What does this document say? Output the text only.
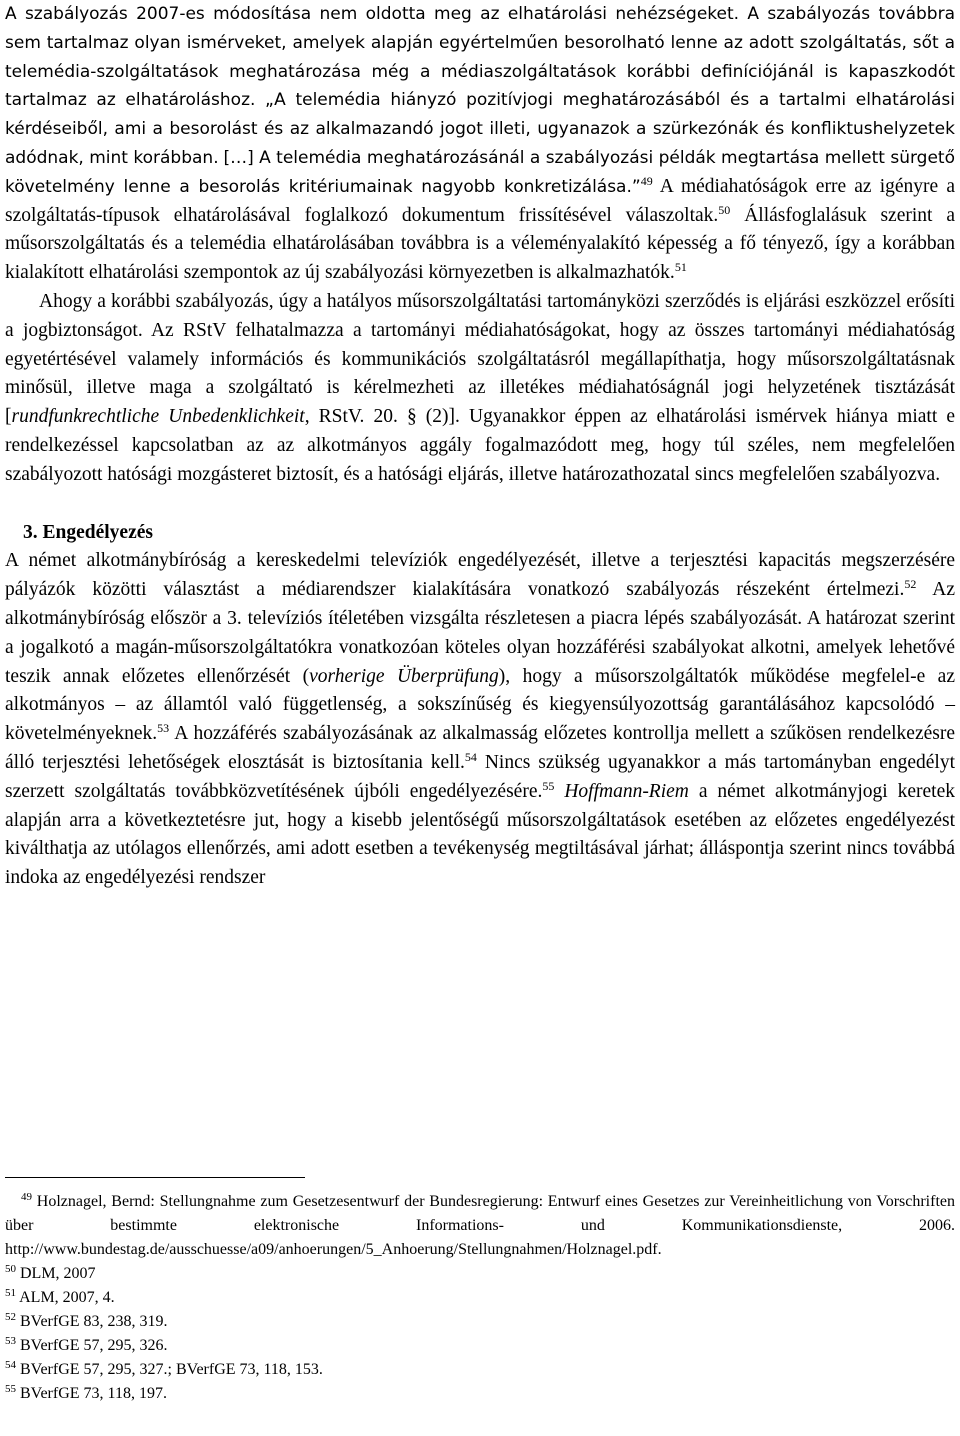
A szabályozás 2007-es módosítása nem oldotta meg az elhatárolási nehézségeket. A szabályozás továbbra sem tartalmaz olyan ismérveket, amelyek alapján egyértelműen besorolható lenne az adott szolgáltatás, sőt a telemédia-szolgáltatások meghatározása még a médiaszolgáltatások korábbi definíciójánál is kapaszkodót tartalmaz az elhatároláshoz. „A telemédia hiányzó pozitívjogi meghatározásából és a tartalmi elhatárolási kérdéseiből, ami a besorolást és az alkalmazandó jogot illeti, ugyanazok a szürkezónák és konfliktushelyzetek adódnak, mint korábban. […] A telemédia meghatározásánál a szabályozási példák megtartása mellett sürgető követelmény lenne a besorolás kritériumainak nagyobb konkretizálása.”$^{49}$ A médiahatóságok erre az igényre a szolgáltatás-típusok elhatárolásával foglalkozó dokumentum frissítésével válaszoltak.$^{50}$ Állásfoglalásuk szerint a műsorszolgáltatás és a telemédia elhatárolásában továbbra is a véleményalakító képesség a fő tényező, így a korábban kialakított elhatárolási szempontok az új szabályozási környezetben is alkalmazhatók.$^{51}$

Ahogy a korábbi szabályozás, úgy a hatályos műsorszolgáltatási tartományközi szerződés is eljárási eszközzel erősíti a jogbiztonságot. Az RStV felhatalmazza a tartományi médiahatóságokat, hogy az összes tartományi médiahatóság egyetértésével valamely információs és kommunikációs szolgáltatásról megállapíthatja, hogy műsorszolgáltatásnak minősül, illetve maga a szolgáltató is kérelmezheti az illetékes médiahatóságnál jogi helyzetének tisztázását [rundfunkrechtliche Unbedenklichkeit, RStV. 20. § (2)]. Ugyanakkor éppen az elhatárolási ismérvek hiánya miatt e rendelkezéssel kapcsolatban az az alkotmányos aggály fogalmazódott meg, hogy túl széles, nem megfelelően szabályozott hatósági mozgásteret biztosít, és a hatósági eljárás, illetve határozathozatal sincs megfelelően szabályozva.

3. Engedélyezés

A német alkotmánybíróság a kereskedelmi televíziók engedélyezését, illetve a terjesztési kapacitás megszerzésére pályázók közötti választást a médiarendszer kialakítására vonatkozó szabályozás részeként értelmezi.$^{52}$ Az alkotmánybíróság először a 3. televíziós ítéletében vizsgálta részletesen a piacra lépés szabályozását. A határozat szerint a jogalkotó a magán-műsorszolgáltatókra vonatkozóan köteles olyan hozzáférési szabályokat alkotni, amelyek lehetővé teszik annak előzetes ellenőrzését (vorherige Überprüfung), hogy a műsorszolgáltatók működése megfelel-e az alkotmányos – az államtól való függetlenség, a sokszínűség és kiegyensúlyozottság garantálásához kapcsolódó – követelményeknek.$^{53}$ A hozzáférés szabályozásának az alkalmasság előzetes kontrollja mellett a szűkösen rendelkezésre álló terjesztési lehetőségek elosztását is biztosítania kell.$^{54}$ Nincs szükség ugyanakkor a más tartományban engedélyt szerzett szolgáltatás továbbközvetítésének újbóli engedélyezésére.$^{55}$ Hoffmann-Riem a német alkotmányjogi keretek alapján arra a következtetésre jut, hogy a kisebb jelentőségű műsorszolgáltatások esetében az előzetes engedélyezést kiválthatja az utólagos ellenőrzés, ami adott esetben a tevékenység megtiltásával járhat; álláspontja szerint nincs továbbá indoka az engedélyezési rendszer

$^{49}$ Holznagel, Bernd: Stellungnahme zum Gesetzesentwurf der Bundesregierung: Entwurf eines Gesetzes zur Vereinheitlichung von Vorschriften über bestimmte elektronische Informations- und Kommunikationsdienste, 2006. http://www.bundestag.de/ausschuesse/a09/anhoerungen/5_Anhoerung/Stellungnahmen/Holznagel.pdf.

$^{50}$ DLM, 2007

$^{51}$ ALM, 2007, 4.

$^{52}$ BVerfGE 83, 238, 319.

$^{53}$ BVerfGE 57, 295, 326.

$^{54}$ BVerfGE 57, 295, 327.; BVerfGE 73, 118, 153.

$^{55}$ BVerfGE 73, 118, 197.
